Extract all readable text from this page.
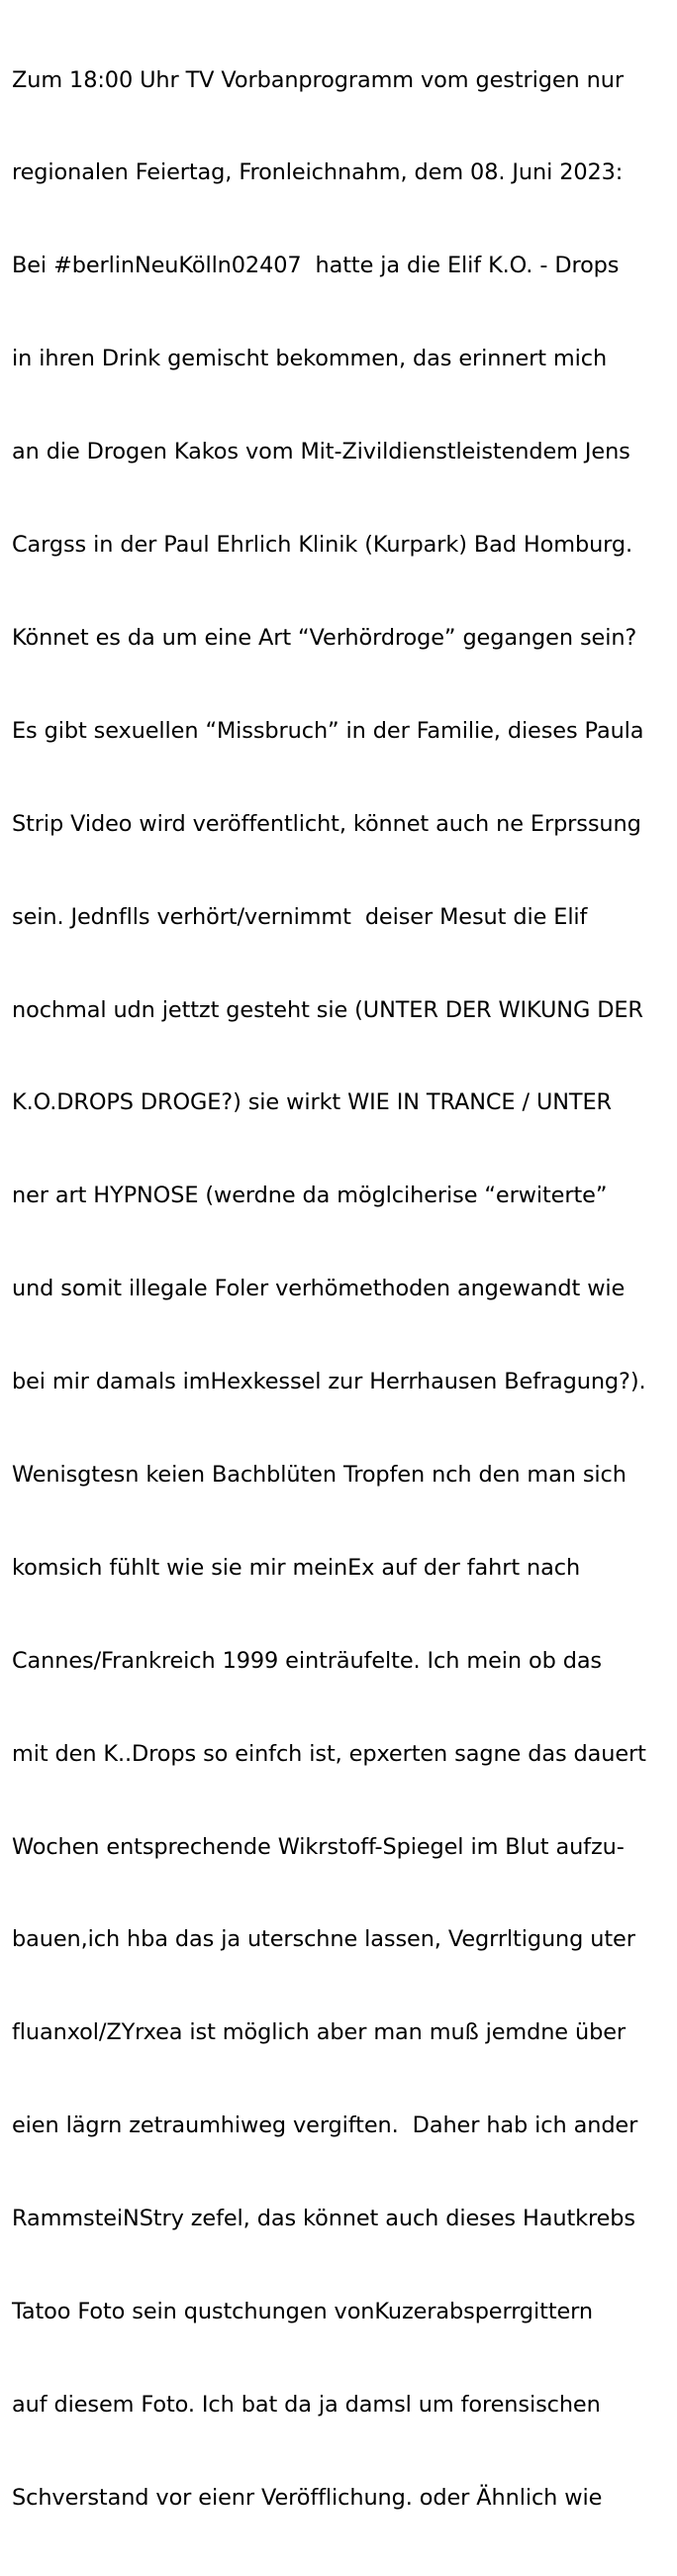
Zum 18:00 Uhr TV Vorbanprogramm vom gestrigen nur

regionalen Feiertag, Fronleichnahm, dem 08. Juni 2023:

Bei #berlinNeuKölln02407  hatte ja die Elif K.O. - Drops

in ihren Drink gemischt bekommen, das erinnert mich

an die Drogen Kakos vom Mit-Zivildienstleistendem Jens

Cargss in der Paul Ehrlich Klinik (Kurpark) Bad Homburg.

Könnet es da um eine Art “Verhördroge” gegangen sein?

Es gibt sexuellen “Missbruch” in der Familie, dieses Paula

Strip Video wird veröffentlicht, könnet auch ne Erprssung

sein. Jednflls verhört/vernimmt  deiser Mesut die Elif

nochmal udn jettzt gesteht sie (UNTER DER WIKUNG DER

K.O.DROPS DROGE?) sie wirkt WIE IN TRANCE / UNTER

ner art HYPNOSE (werdne da möglciherise “erwiterte”

und somit illegale Foler verhömethoden angewandt wie

bei mir damals imHexkessel zur Herrhausen Befragung?).

Wenisgtesn keien Bachblüten Tropfen nch den man sich

komsich fühlt wie sie mir meinEx auf der fahrt nach

Cannes/Frankreich 1999 einträufelte. Ich mein ob das

mit den K..Drops so einfch ist, epxerten sagne das dauert

Wochen entsprechende Wikrstoff-Spiegel im Blut aufzu-

bauen,ich hba das ja uterschne lassen, Vegrrltigung uter

fluanxol/ZYrxea ist möglich aber man muß jemdne über

eien lägrn zetraumhiweg vergiften.  Daher hab ich ander

RammsteiNStry zefel, das könnet auch dieses Hautkrebs

Tatoo Foto sein qustchungen vonKuzerabsperrgittern

auf diesem Foto. Ich bat da ja damsl um forensischen

Schverstand vor eienr Veröfflichung. oder Ähnlich wie
